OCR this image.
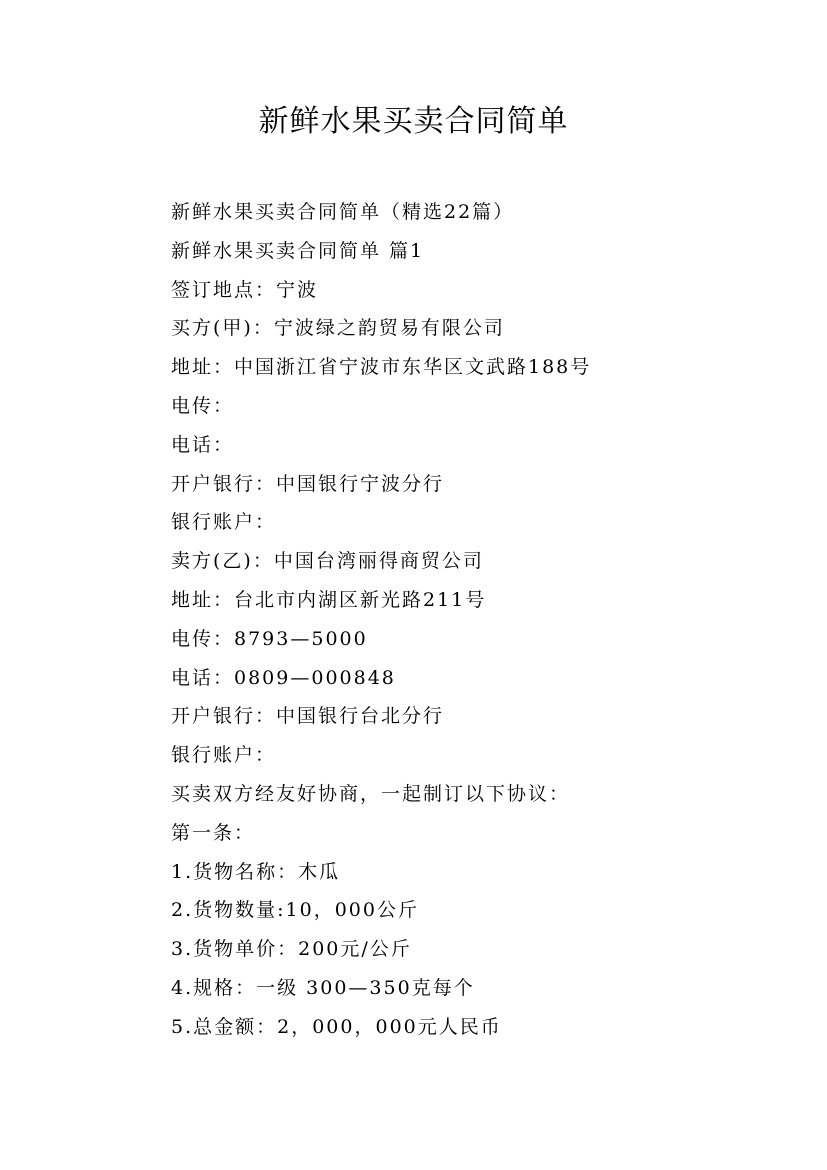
新鲜水果买卖合同简单
新鲜水果买卖合同简单（精选22篇）
新鲜水果买卖合同简单 篇1
签订地点：宁波
买方(甲)：宁波绿之韵贸易有限公司
地址：中国浙江省宁波市东华区文武路188号
电传：
电话：
开户银行：中国银行宁波分行
银行账户：
卖方(乙)：中国台湾丽得商贸公司
地址：台北市内湖区新光路211号
电传：8793—5000
电话：0809—000848
开户银行：中国银行台北分行
银行账户：
买卖双方经友好协商，一起制订以下协议：
第一条：
1.货物名称：木瓜
2.货物数量:10，000公斤
3.货物单价：200元/公斤
4.规格：一级 300—350克每个
5.总金额：2，000，000元人民币
